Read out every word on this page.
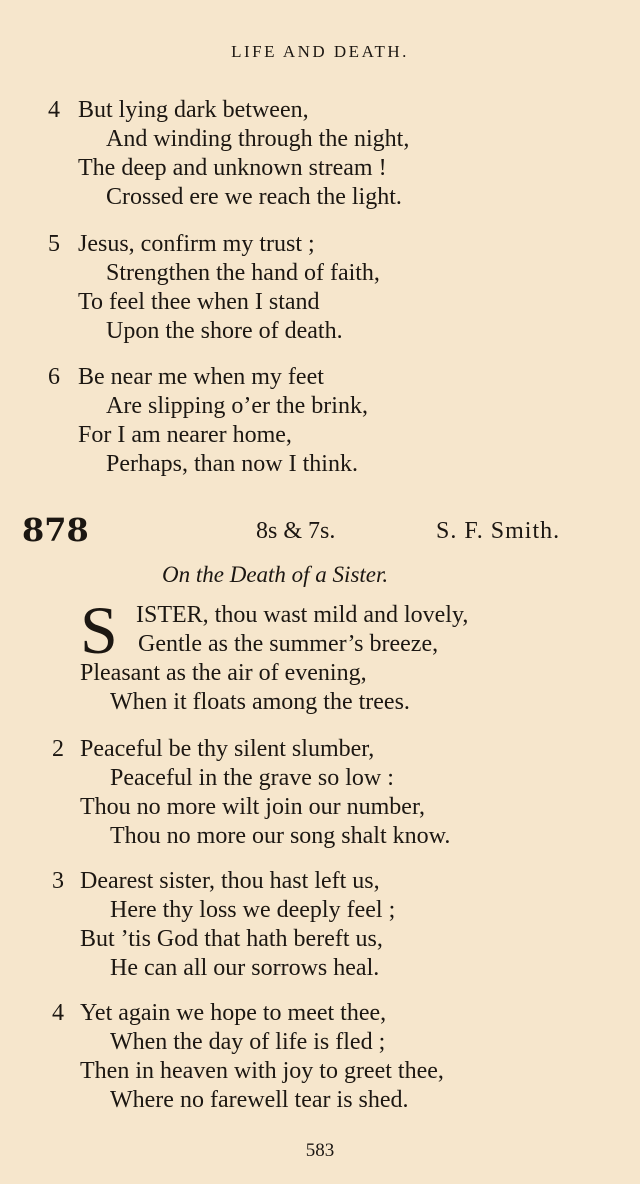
LIFE AND DEATH.
4 But lying dark between,
And winding through the night,
The deep and unknown stream !
Crossed ere we reach the light.
5 Jesus, confirm my trust ;
Strengthen the hand of faith,
To feel thee when I stand
Upon the shore of death.
6 Be near me when my feet
Are slipping o’er the brink,
For I am nearer home,
Perhaps, than now I think.
878	8s & 7s.	S. F. Smith.
On the Death of a Sister.
S ISTER, thou wast mild and lovely,
Gentle as the summer’s breeze,
Pleasant as the air of evening,
When it floats among the trees.
2 Peaceful be thy silent slumber,
Peaceful in the grave so low :
Thou no more wilt join our number,
Thou no more our song shalt know.
3 Dearest sister, thou hast left us,
Here thy loss we deeply feel ;
But ’tis God that hath bereft us,
He can all our sorrows heal.
4 Yet again we hope to meet thee,
When the day of life is fled ;
Then in heaven with joy to greet thee,
Where no farewell tear is shed.
583
